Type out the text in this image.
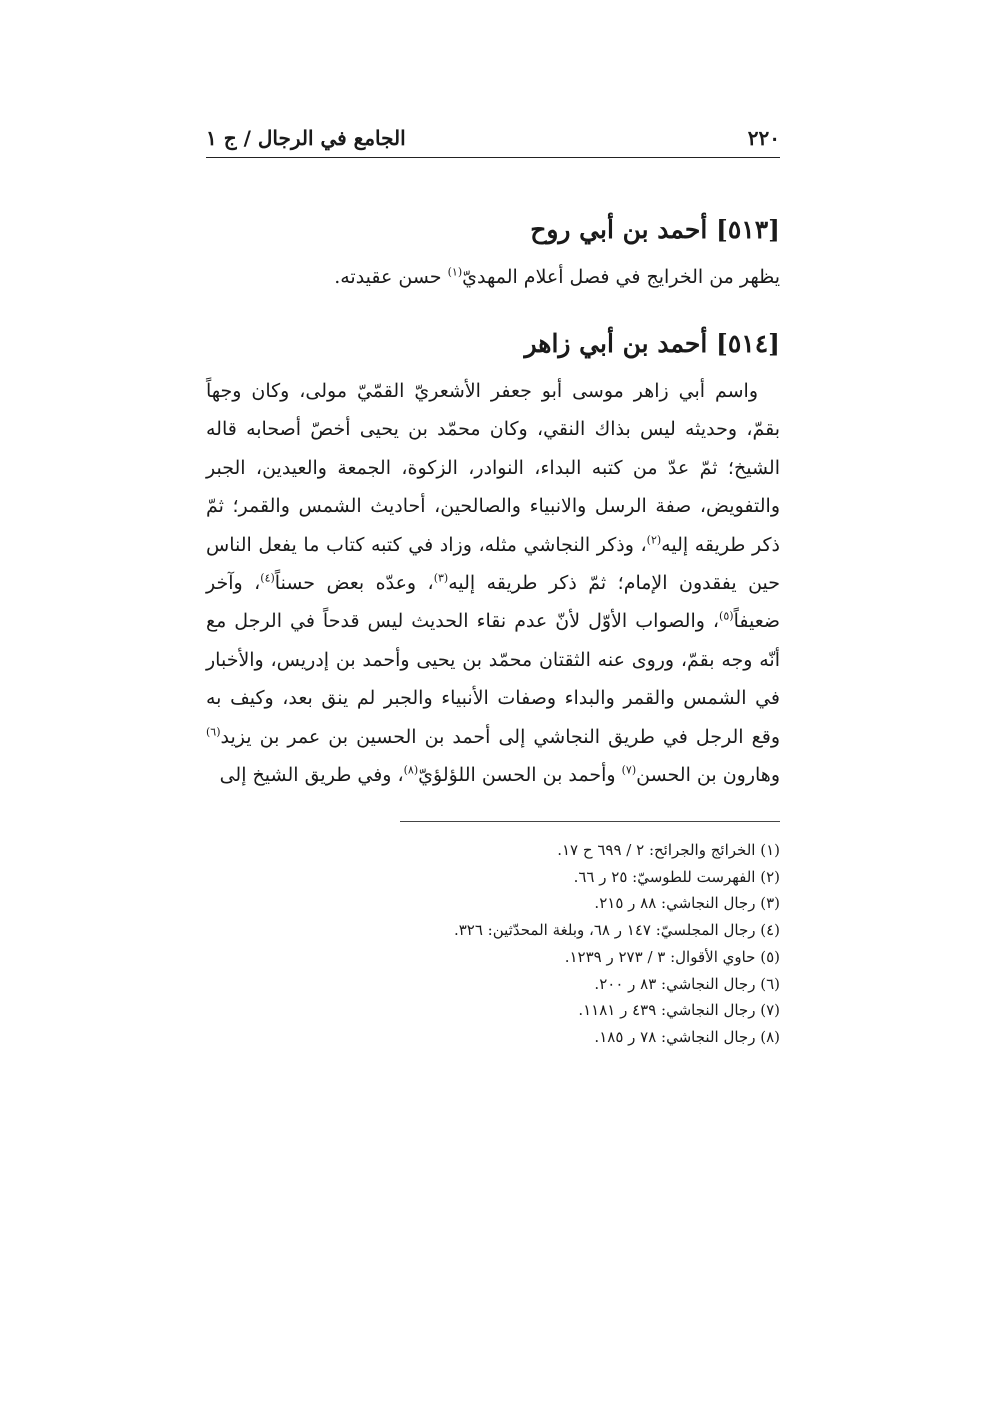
٢٢٠
الجامع في الرجال / ج ١
[٥١٣] أحمد بن أبي روح

يظهر من الخرايج في فصل أعلام المهديّ$^{(١)}$ حسن عقيدته.

[٥١٤] أحمد بن أبي زاهر

واسم أبي زاهر موسى أبو جعفر الأشعريّ القمّيّ مولى، وكان وجهاً بقمّ، وحديثه ليس بذاك النقي، وكان محمّد بن يحيى أخصّ أصحابه قاله الشيخ؛ ثمّ عدّ من كتبه البداء، النوادر، الزكوة، الجمعة والعيدين، الجبر والتفويض، صفة الرسل والانبياء والصالحين، أحاديث الشمس والقمر؛ ثمّ ذكر طريقه إليه$^{(٢)}$، وذكر النجاشي مثله، وزاد في كتبه كتاب ما يفعل الناس حين يفقدون الإمام؛ ثمّ ذكر طريقه إليه$^{(٣)}$، وعدّه بعض حسناً$^{(٤)}$، وآخر ضعيفاً$^{(٥)}$، والصواب الأوّل لأنّ عدم نقاء الحديث ليس قدحاً في الرجل مع أنّه وجه بقمّ، وروى عنه الثقتان محمّد بن يحيى وأحمد بن إدريس، والأخبار في الشمس والقمر والبداء وصفات الأنبياء والجبر لم ينق بعد، وكيف به وقع الرجل في طريق النجاشي إلى أحمد بن الحسين بن عمر بن يزيد$^{(٦)}$ وهارون بن الحسن$^{(٧)}$ وأحمد بن الحسن اللؤلؤيّ$^{(٨)}$، وفي طريق الشيخ إلى

(١) الخرائج والجرائح: ٢ / ٦٩٩ ح ١٧.
(٢) الفهرست للطوسيّ: ٢٥ ر ٦٦.
(٣) رجال النجاشي: ٨٨ ر ٢١٥.
(٤) رجال المجلسيّ: ١٤٧ ر ٦٨، وبلغة المحدّثين: ٣٢٦.
(٥) حاوي الأقوال: ٣ / ٢٧٣ ر ١٢٣٩.
(٦) رجال النجاشي: ٨٣ ر ٢٠٠.
(٧) رجال النجاشي: ٤٣٩ ر ١١٨١.
(٨) رجال النجاشي: ٧٨ ر ١٨٥.
